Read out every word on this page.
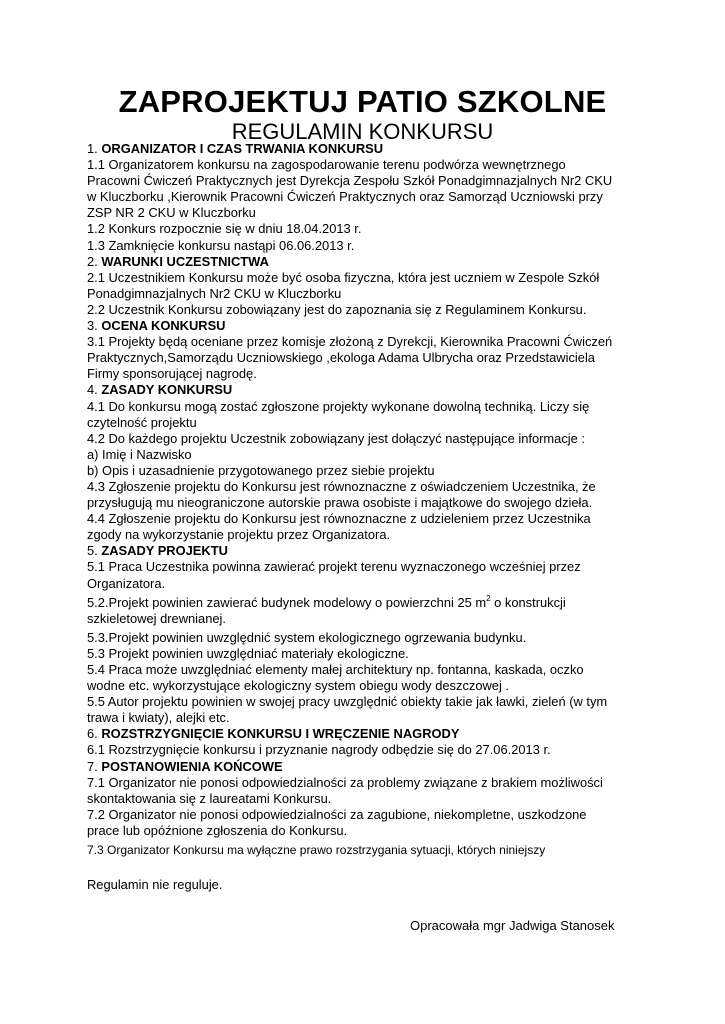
ZAPROJEKTUJ PATIO SZKOLNE
REGULAMIN KONKURSU
1. ORGANIZATOR I CZAS TRWANIA KONKURSU
1.1 Organizatorem konkursu na zagospodarowanie terenu podwórza wewnętrznego
Pracowni Ćwiczeń Praktycznych jest Dyrekcja Zespołu Szkół Ponadgimnazjalnych Nr2 CKU
w Kluczborku ,Kierownik Pracowni Ćwiczeń Praktycznych oraz Samorząd Uczniowski przy
ZSP NR 2 CKU w Kluczborku
1.2 Konkurs rozpocznie się w dniu 18.04.2013 r.
1.3 Zamknięcie konkursu nastąpi 06.06.2013 r.
2. WARUNKI UCZESTNICTWA
2.1 Uczestnikiem Konkursu może być osoba fizyczna, która jest uczniem w Zespole Szkół
Ponadgimnazjalnych Nr2 CKU w Kluczborku
2.2 Uczestnik Konkursu zobowiązany jest do zapoznania się z Regulaminem Konkursu.
3. OCENA KONKURSU
3.1 Projekty będą oceniane przez komisje złożoną z Dyrekcji, Kierownika Pracowni Ćwiczeń
Praktycznych,Samorządu Uczniowskiego ,ekologa Adama Ulbrycha oraz Przedstawiciela
Firmy sponsorującej nagrodę.
4. ZASADY KONKURSU
4.1 Do konkursu mogą zostać zgłoszone projekty wykonane dowolną techniką. Liczy się
czytelność projektu
4.2 Do każdego projektu Uczestnik zobowiązany jest dołączyć następujące informacje :
a) Imię i Nazwisko
b) Opis i uzasadnienie przygotowanego przez siebie projektu
4.3 Zgłoszenie projektu do Konkursu jest równoznaczne z oświadczeniem Uczestnika, że
przysługują mu nieograniczone autorskie prawa osobiste i majątkowe do swojego dzieła.
4.4 Zgłoszenie projektu do Konkursu jest równoznaczne z udzieleniem przez Uczestnika
zgody na wykorzystanie projektu przez Organizatora.
5. ZASADY PROJEKTU
5.1 Praca Uczestnika powinna zawierać projekt terenu wyznaczonego wcześniej przez
Organizatora.
5.2.Projekt powinien zawierać budynek modelowy o powierzchni 25 $m^2$ o konstrukcji
szkieletowej drewnianej.
5.3.Projekt powinien uwzględnić system ekologicznego ogrzewania budynku.
5.3 Projekt powinien uwzględniać materiały ekologiczne.
5.4 Praca może uwzględniać elementy małej architektury np. fontanna, kaskada, oczko
wodne etc. wykorzystujące ekologiczny system obiegu wody deszczowej .
5.5 Autor projektu powinien w swojej pracy uwzględnić obiekty takie jak ławki, zieleń (w tym
trawa i kwiaty), alejki etc.
6. ROZSTRZYGNIĘCIE KONKURSU I WRĘCZENIE NAGRODY
6.1 Rozstrzygnięcie konkursu i przyznanie nagrody odbędzie się do 27.06.2013 r.
7. POSTANOWIENIA KOŃCOWE
7.1 Organizator nie ponosi odpowiedzialności za problemy związane z brakiem możliwości
skontaktowania się z laureatami Konkursu.
7.2 Organizator nie ponosi odpowiedzialności za zagubione, niekompletne, uszkodzone
prace lub opóźnione zgłoszenia do Konkursu.
7.3 Organizator Konkursu ma wyłączne prawo rozstrzygania sytuacji, których niniejszy
Regulamin nie reguluje.
Opracowała mgr Jadwiga Stanosek
